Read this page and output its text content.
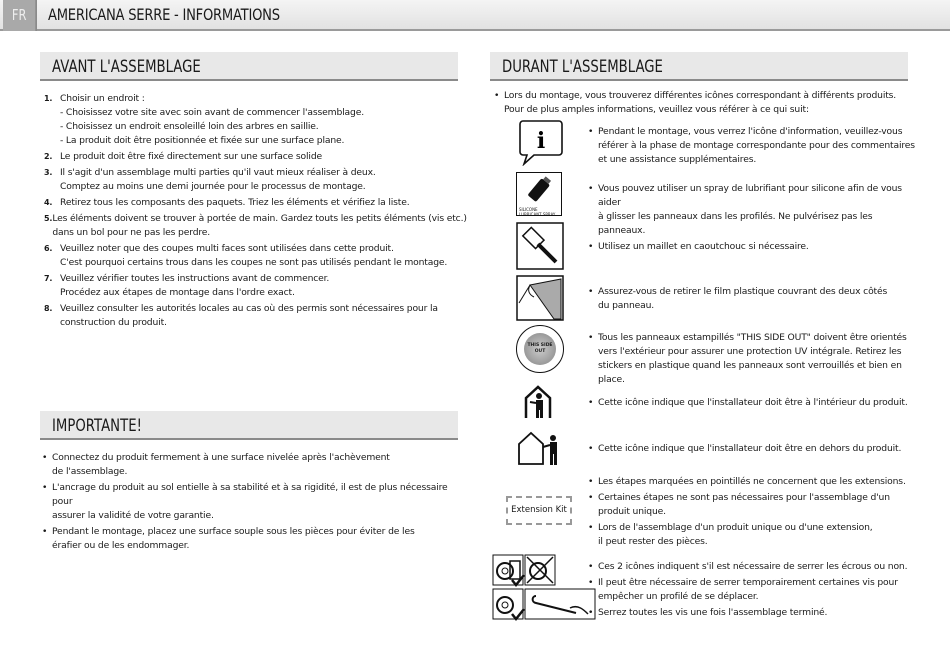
FR	AMERICANA SERRE - INFORMATIONS
AVANT L'ASSEMBLAGE
1. Choisir un endroit :
- Choisissez votre site avec soin avant de commencer l'assemblage.
- Choisissez un endroit ensoleillé loin des arbres en saillie.
- La produit doit être positionnée et fixée sur une surface plane.
2. Le produit doit être fixé directement sur une surface solide
3. Il s'agit d'un assemblage multi parties qu'il vaut mieux réaliser à deux.
Comptez au moins une demi journée pour le processus de montage.
4. Retirez tous les composants des paquets. Triez les éléments et vérifiez la liste.
5. Les éléments doivent se trouver à portée de main. Gardez touts les petits éléments (vis etc.)
dans un bol pour ne pas les perdre.
6. Veuillez noter que des coupes multi faces sont utilisées dans cette produit.
C'est pourquoi certains trous dans les coupes ne sont pas utilisés pendant le montage.
7. Veuillez vérifier toutes les instructions avant de commencer.
Procédez aux étapes de montage dans l'ordre exact.
8. Veuillez consulter les autorités locales au cas où des permis sont nécessaires pour la
construction du produit.
IMPORTANTE!
• Connectez du produit fermement à une surface nivelée après l'achèvement
de l'assemblage.
• L'ancrage du produit au sol entielle à sa stabilité et à sa rigidité, il est de plus nécessaire pour
assurer la validité de votre garantie.
• Pendant le montage, placez une surface souple sous les pièces pour éviter de les
érafier ou de les endommager.
DURANT L'ASSEMBLAGE
• Lors du montage, vous trouverez différentes icônes correspondant à différents produits.
Pour de plus amples informations, veuillez vous référer à ce qui suit:
i
SILICONE
LUBRICANT SPRAY
THIS SIDE
OUT
Extension Kit
• Pendant le montage, vous verrez l'icône d'information, veuillez-vous
référer à la phase de montage correspondante pour des commentaires
et une assistance supplémentaires.
• Vous pouvez utiliser un spray de lubrifiant pour silicone afin de vous aider
à glisser les panneaux dans les profilés. Ne pulvérisez pas les panneaux.
• Utilisez un maillet en caoutchouc si nécessaire.
• Assurez-vous de retirer le film plastique couvrant des deux côtés
du panneau.
• Tous les panneaux estampillés "THIS SIDE OUT" doivent être orientés
vers l'extérieur pour assurer une protection UV intégrale. Retirez les
stickers en plastique quand les panneaux sont verrouillés et bien en place.
• Cette icône indique que l'installateur doit être à l'intérieur du produit.
• Cette icône indique que l'installateur doit être en dehors du produit.
• Les étapes marquées en pointillés ne concernent que les extensions.
• Certaines étapes ne sont pas nécessaires pour l'assemblage d'un
produit unique.
• Lors de l'assemblage d'un produit unique ou d'une extension,
il peut rester des pièces.
• Ces 2 icônes indiquent s'il est nécessaire de serrer les écrous ou non.
• Il peut être nécessaire de serrer temporairement certaines vis pour
empêcher un profilé de se déplacer.
• Serrez toutes les vis une fois l'assemblage terminé.
